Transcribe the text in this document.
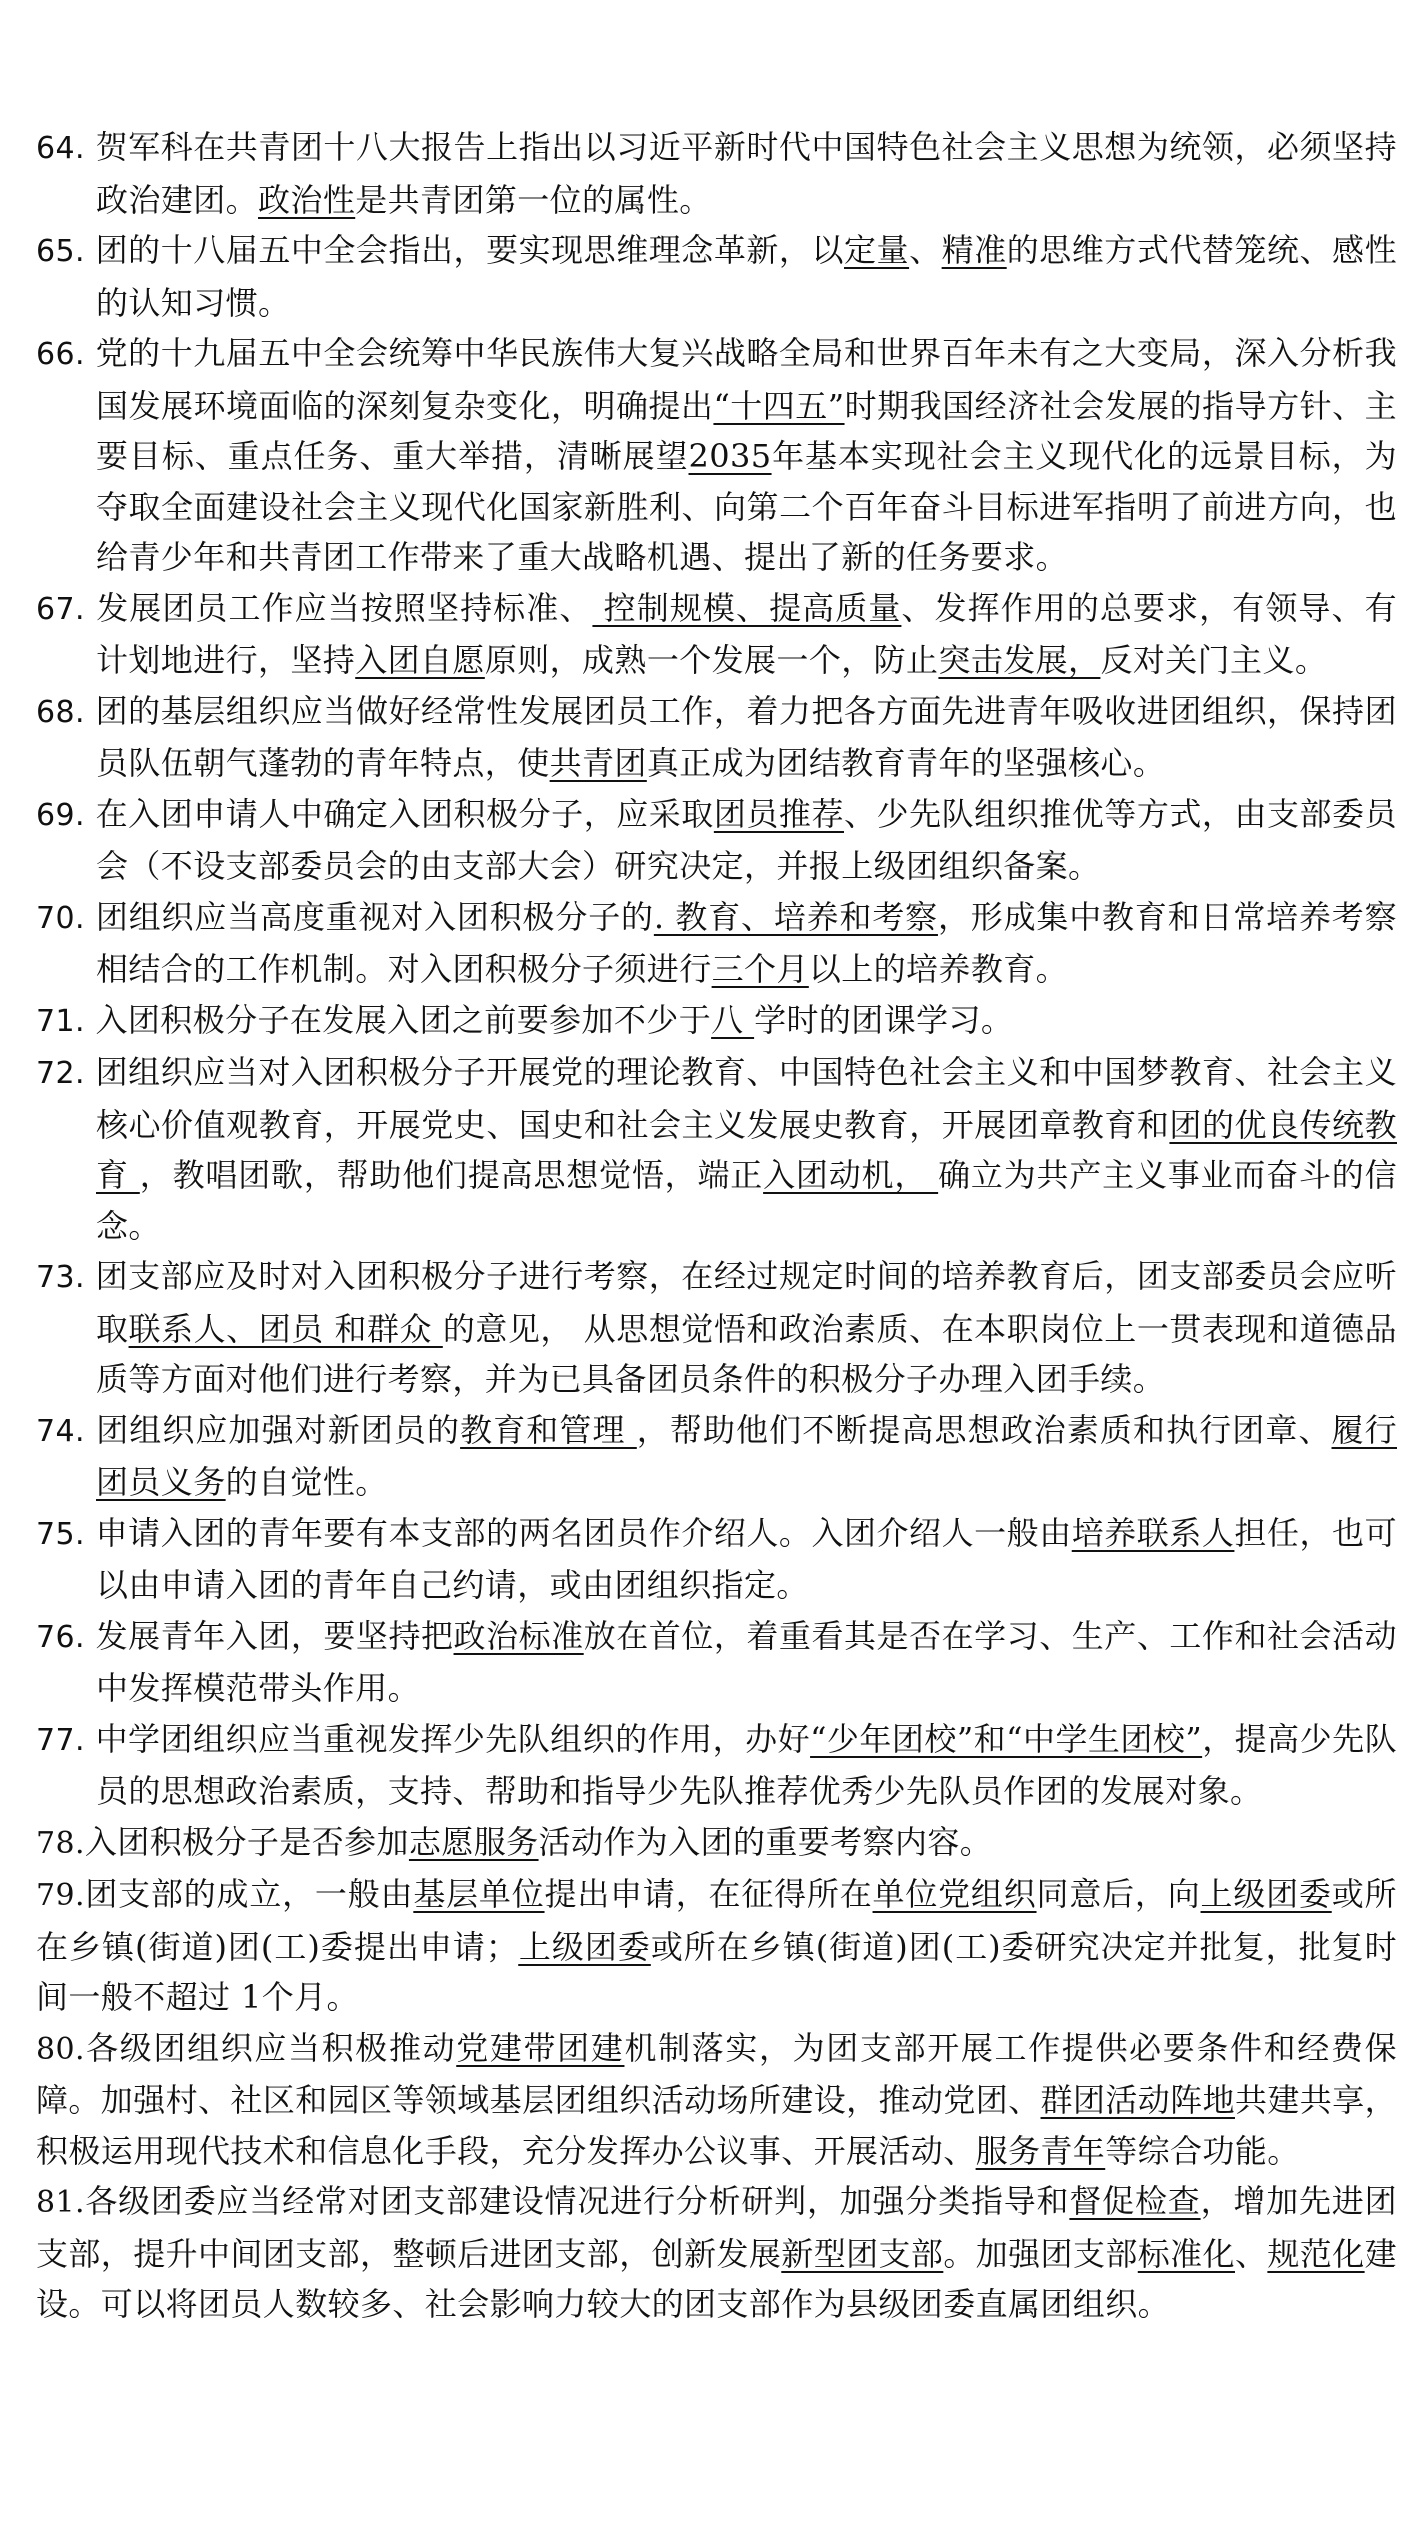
64. 贺军科在共青团十八大报告上指出以习近平新时代中国特色社会主义思想为统领，必须坚持政治建团。政治性是共青团第一位的属性。
65. 团的十八届五中全会指出，要实现思维理念革新，以定量、精准的思维方式代替笼统、感性的认知习惯。
66. 党的十九届五中全会统筹中华民族伟大复兴战略全局和世界百年未有之大变局，深入分析我国发展环境面临的深刻复杂变化，明确提出“十四五”时期我国经济社会发展的指导方针、主要目标、重点任务、重大举措，清晰展望2035年基本实现社会主义现代化的远景目标，为夺取全面建设社会主义现代化国家新胜利、向第二个百年奋斗目标进军指明了前进方向，也给青少年和共青团工作带来了重大战略机遇、提出了新的任务要求。
67. 发展团员工作应当按照坚持标准、 控制规模、提高质量、发挥作用的总要求，有领导、有计划地进行，坚持入团自愿原则，成熟一个发展一个，防止突击发展，反对关门主义。
68. 团的基层组织应当做好经常性发展团员工作，着力把各方面先进青年吸收进团组织，保持团员队伍朝气蓬勃的青年特点，使共青团真正成为团结教育青年的坚强核心。
69. 在入团申请人中确定入团积极分子，应采取团员推荐、少先队组织推优等方式，由支部委员会（不设支部委员会的由支部大会）研究决定，并报上级团组织备案。
70. 团组织应当高度重视对入团积极分子的. 教育、培养和考察，形成集中教育和日常培养考察相结合的工作机制。对入团积极分子须进行三个月以上的培养教育。
71. 入团积极分子在发展入团之前要参加不少于八 学时的团课学习。
72. 团组织应当对入团积极分子开展党的理论教育、中国特色社会主义和中国梦教育、社会主义核心价值观教育，开展党史、国史和社会主义发展史教育，开展团章教育和团的优良传统教育 ，教唱团歌，帮助他们提高思想觉悟，端正入团动机， 确立为共产主义事业而奋斗的信念。
73. 团支部应及时对入团积极分子进行考察，在经过规定时间的培养教育后，团支部委员会应听取联系人、团员 和群众 的意见， 从思想觉悟和政治素质、在本职岗位上一贯表现和道德品质等方面对他们进行考察，并为已具备团员条件的积极分子办理入团手续。
74. 团组织应加强对新团员的教育和管理 ，帮助他们不断提高思想政治素质和执行团章、履行团员义务的自觉性。
75. 申请入团的青年要有本支部的两名团员作介绍人。入团介绍人一般由培养联系人担任，也可以由申请入团的青年自己约请，或由团组织指定。
76. 发展青年入团，要坚持把政治标准放在首位，着重看其是否在学习、生产、工作和社会活动中发挥模范带头作用。
77. 中学团组织应当重视发挥少先队组织的作用，办好“少年团校”和“中学生团校”，提高少先队员的思想政治素质，支持、帮助和指导少先队推荐优秀少先队员作团的发展对象。
78.入团积极分子是否参加志愿服务活动作为入团的重要考察内容。
79.团支部的成立，一般由基层单位提出申请，在征得所在单位党组织同意后，向上级团委或所在乡镇(街道)团(工)委提出申请；上级团委或所在乡镇(街道)团(工)委研究决定并批复，批复时间一般不超过 1个月。
80.各级团组织应当积极推动党建带团建机制落实，为团支部开展工作提供必要条件和经费保障。加强村、社区和园区等领域基层团组织活动场所建设，推动党团、群团活动阵地共建共享，积极运用现代技术和信息化手段，充分发挥办公议事、开展活动、服务青年等综合功能。
81.各级团委应当经常对团支部建设情况进行分析研判，加强分类指导和督促检查，增加先进团支部，提升中间团支部，整顿后进团支部，创新发展新型团支部。加强团支部标准化、规范化建设。可以将团员人数较多、社会影响力较大的团支部作为县级团委直属团组织。
